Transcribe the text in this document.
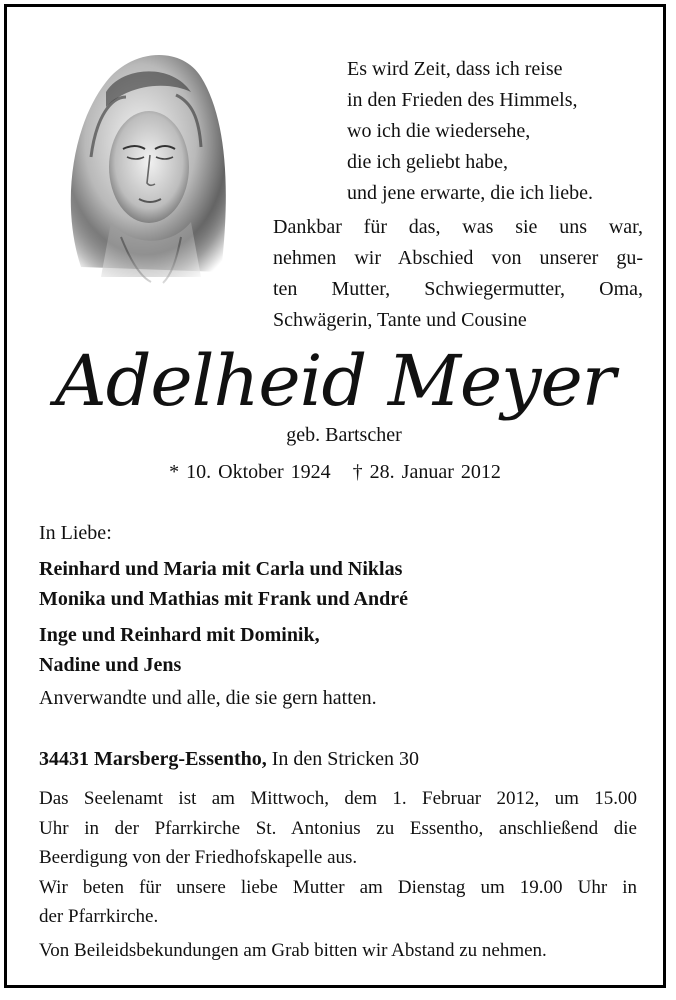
Es wird Zeit, dass ich reise
in den Frieden des Himmels,
wo ich die wiedersehe,
die ich geliebt habe,
und jene erwarte, die ich liebe.
Dankbar für das, was sie uns war,
nehmen wir Abschied von unserer gu-
ten Mutter, Schwiegermutter, Oma,
Schwägerin, Tante und Cousine
Adelheid Meyer
geb. Bartscher
* 10. Oktober 1924 † 28. Januar 2012
In Liebe:
Reinhard und Maria mit Carla und Niklas
Monika und Mathias mit Frank und André
Inge und Reinhard mit Dominik,
Nadine und Jens
Anverwandte und alle, die sie gern hatten.
34431 Marsberg-Essentho, In den Stricken 30
Das Seelenamt ist am Mittwoch, dem 1. Februar 2012, um 15.00
Uhr in der Pfarrkirche St. Antonius zu Essentho, anschließend die
Beerdigung von der Friedhofskapelle aus.
Wir beten für unsere liebe Mutter am Dienstag um 19.00 Uhr in
der Pfarrkirche.
Von Beileidsbekundungen am Grab bitten wir Abstand zu nehmen.
